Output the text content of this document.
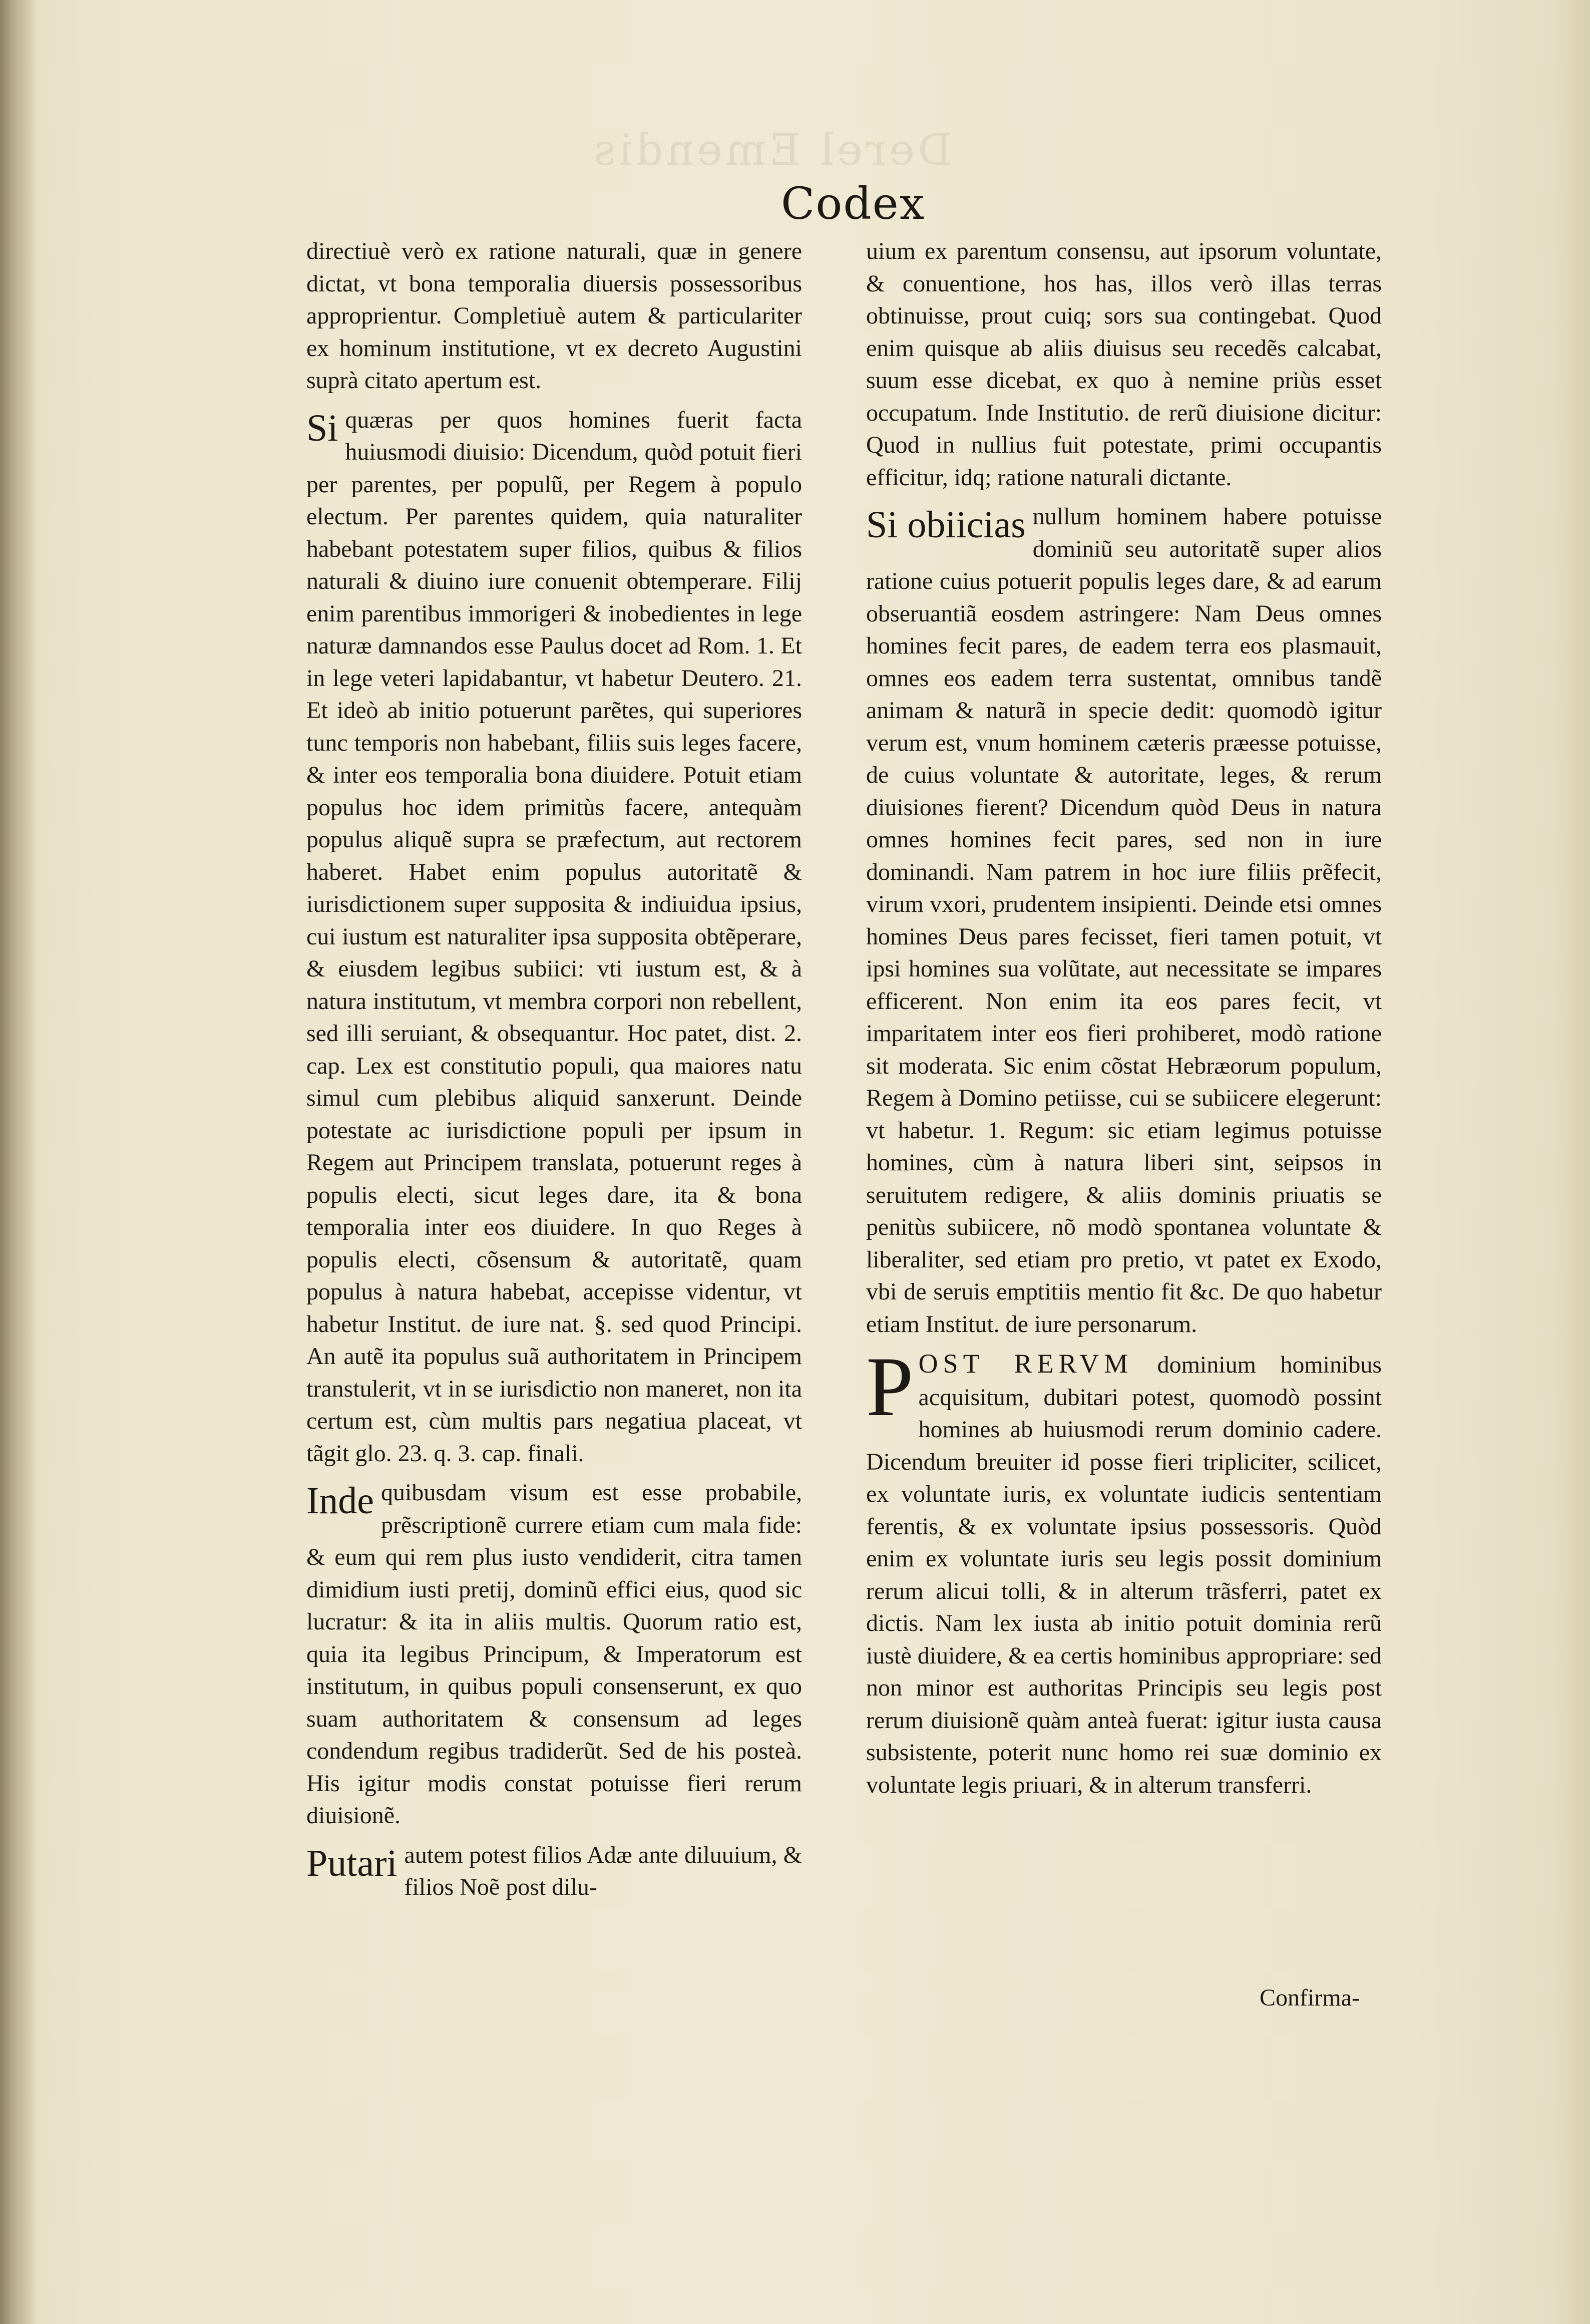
Derel Emendis
Codex

directiuè verò ex ratione naturali, quæ in genere dictat, vt bona temporalia diuersis possessoribus approprientur. Completiuè autem & particulariter ex hominum institutione, vt ex decreto Augustini suprà citato apertum est.

Si quæras per quos homines fuerit facta huiusmodi diuisio: Dicendum, quòd potuit fieri per parentes, per populũ, per Regem à populo electum. Per parentes quidem, quia naturaliter habebant potestatem super filios, quibus & filios naturali & diuino iure conuenit obtemperare. Filij enim parentibus immorigeri & inobedientes in lege naturæ damnandos esse Paulus docet ad Rom. 1. Et in lege veteri lapidabantur, vt habetur Deutero. 21. Et ideò ab initio potuerunt parẽtes, qui superiores tunc temporis non habebant, filiis suis leges facere, & inter eos temporalia bona diuidere. Potuit etiam populus hoc idem primitùs facere, antequàm populus aliquẽ supra se præfectum, aut rectorem haberet. Habet enim populus autoritatẽ & iurisdictionem super supposita & indiuidua ipsius, cui iustum est naturaliter ipsa supposita obtẽperare, & eiusdem legibus subiici: vti iustum est, & à natura institutum, vt membra corpori non rebellent, sed illi seruiant, & obsequantur. Hoc patet, dist. 2. cap. Lex est constitutio populi, qua maiores natu simul cum plebibus aliquid sanxerunt. Deinde potestate ac iurisdictione populi per ipsum in Regem aut Principem translata, potuerunt reges à populis electi, sicut leges dare, ita & bona temporalia inter eos diuidere. In quo Reges à populis electi, cõsensum & autoritatẽ, quam populus à natura habebat, accepisse videntur, vt habetur Institut. de iure nat. §. sed quod Principi. An autẽ ita populus suã authoritatem in Principem transtulerit, vt in se iurisdictio non maneret, non ita certum est, cùm multis pars negatiua placeat, vt tãgit glo. 23. q. 3. cap. finali.

Inde quibusdam visum est esse probabile, prẽscriptionẽ currere etiam cum mala fide: & eum qui rem plus iusto vendiderit, citra tamen dimidium iusti pretij, dominũ effici eius, quod sic lucratur: & ita in aliis multis. Quorum ratio est, quia ita legibus Principum, & Imperatorum est institutum, in quibus populi consenserunt, ex quo suam authoritatem & consensum ad leges condendum regibus tradiderũt. Sed de his posteà. His igitur modis constat potuisse fieri rerum diuisionẽ.

Putari autem potest filios Adæ ante diluuium, & filios Noẽ post dilu-

uium ex parentum consensu, aut ipsorum voluntate, & conuentione, hos has, illos verò illas terras obtinuisse, prout cuiq; sors sua contingebat. Quod enim quisque ab aliis diuisus seu recedẽs calcabat, suum esse dicebat, ex quo à nemine priùs esset occupatum. Inde Institutio. de rerũ diuisione dicitur: Quod in nullius fuit potestate, primi occupantis efficitur, idq; ratione naturali dictante.

Si obiicias nullum hominem habere potuisse dominiũ seu autoritatẽ super alios ratione cuius potuerit populis leges dare, & ad earum obseruantiã eosdem astringere: Nam Deus omnes homines fecit pares, de eadem terra eos plasmauit, omnes eos eadem terra sustentat, omnibus tandẽ animam & naturã in specie dedit: quomodò igitur verum est, vnum hominem cæteris præesse potuisse, de cuius voluntate & autoritate, leges, & rerum diuisiones fierent? Dicendum quòd Deus in natura omnes homines fecit pares, sed non in iure dominandi. Nam patrem in hoc iure filiis prẽfecit, virum vxori, prudentem insipienti. Deinde etsi omnes homines Deus pares fecisset, fieri tamen potuit, vt ipsi homines sua volũtate, aut necessitate se impares efficerent. Non enim ita eos pares fecit, vt imparitatem inter eos fieri prohiberet, modò ratione sit moderata. Sic enim cõstat Hebræorum populum, Regem à Domino petiisse, cui se subiicere elegerunt: vt habetur. 1. Regum: sic etiam legimus potuisse homines, cùm à natura liberi sint, seipsos in seruitutem redigere, & aliis dominis priuatis se penitùs subiicere, nõ modò spontanea voluntate & liberaliter, sed etiam pro pretio, vt patet ex Exodo, vbi de seruis emptitiis mentio fit &c. De quo habetur etiam Institut. de iure personarum.

P OST RERVM dominium hominibus acquisitum, dubitari potest, quomodò possint homines ab huiusmodi rerum dominio cadere. Dicendum breuiter id posse fieri tripliciter, scilicet, ex voluntate iuris, ex voluntate iudicis sententiam ferentis, & ex voluntate ipsius possessoris. Quòd enim ex voluntate iuris seu legis possit dominium rerum alicui tolli, & in alterum trãsferri, patet ex dictis. Nam lex iusta ab initio potuit dominia rerũ iustè diuidere, & ea certis hominibus appropriare: sed non minor est authoritas Principis seu legis post rerum diuisionẽ quàm anteà fuerat: igitur iusta causa subsistente, poterit nunc homo rei suæ dominio ex voluntate legis priuari, & in alterum transferri.

Confirma-
